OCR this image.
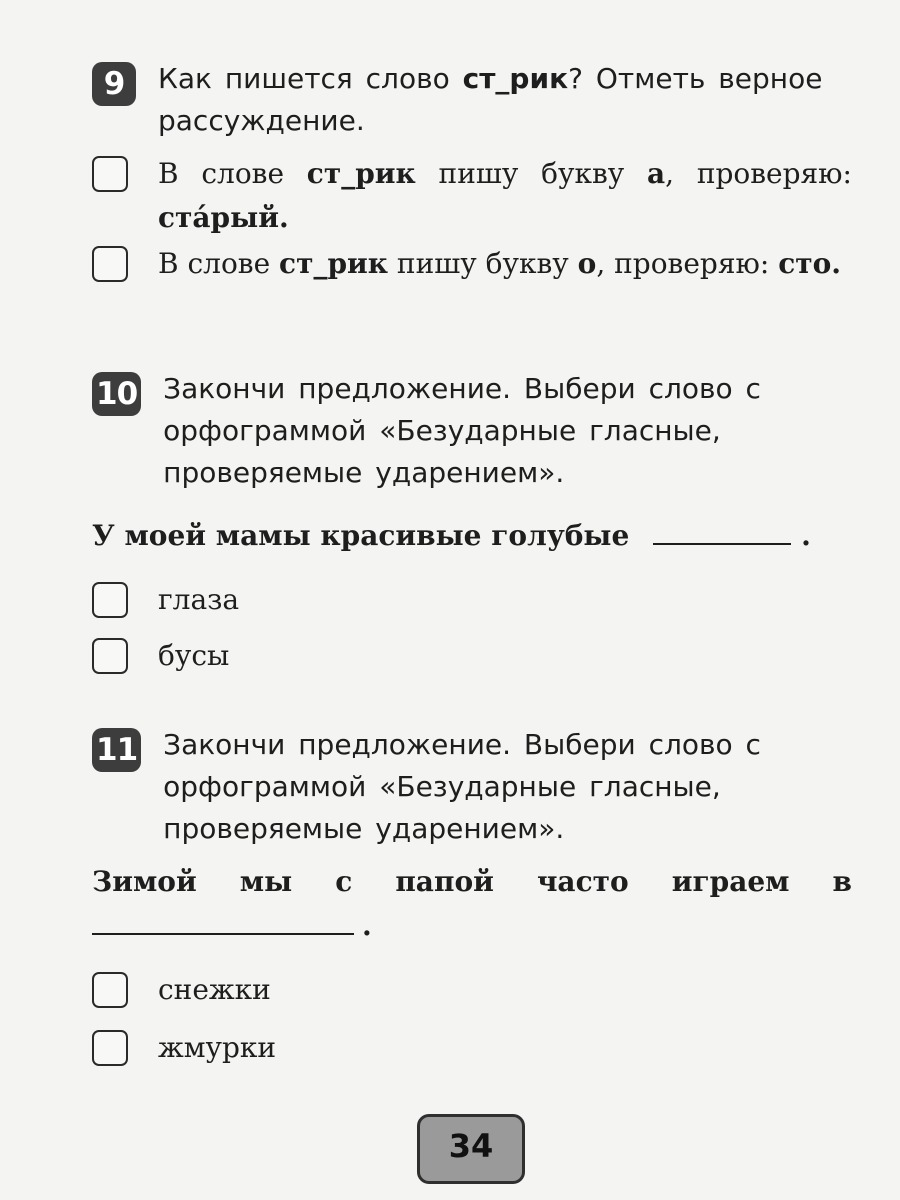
9	Как пишется слово ст_рик? Отметь верное рассуждение.
В слове ст_рик пишу букву а, проверяю: ста́рый.
В слове ст_рик пишу букву о, проверяю: сто.
10 Закончи предложение. Выбери слово с орфограммой «Безударные гласные, проверяемые ударением».
У моей мамы красивые голубые	.
глаза
бусы
11 Закончи предложение. Выбери слово с орфограммой «Безударные гласные, проверяемые ударением».
Зимой мы с папой часто играем в
.
снежки
жмурки
34
